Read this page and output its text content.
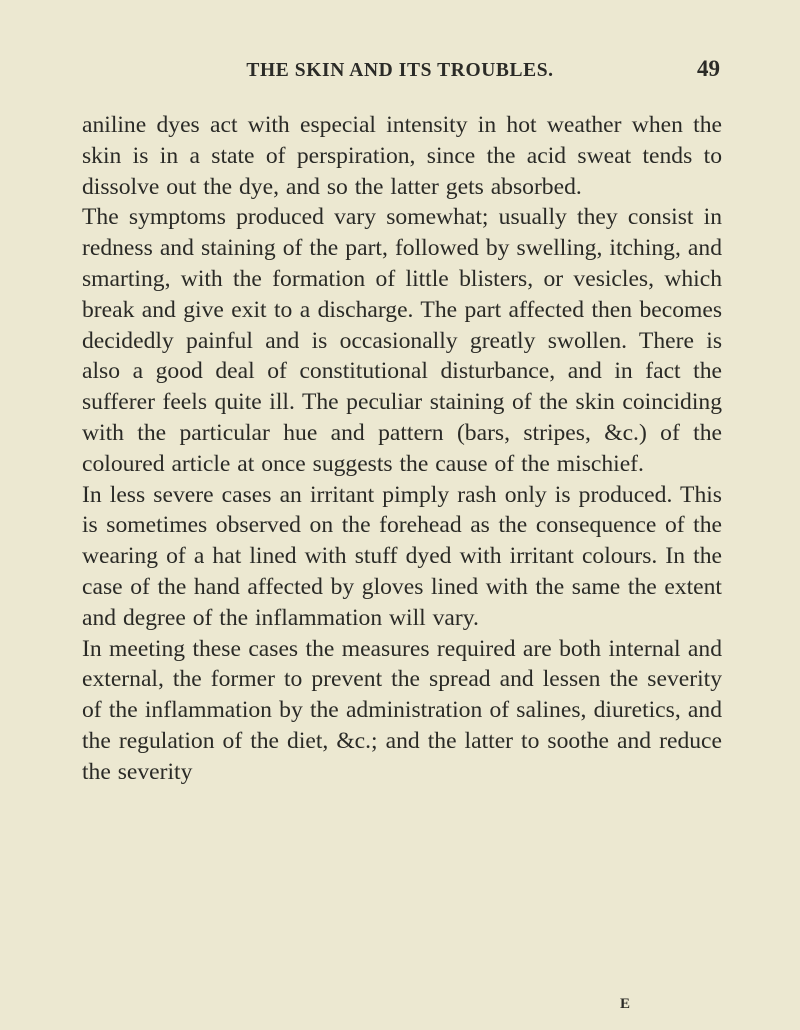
THE SKIN AND ITS TROUBLES.	49

aniline dyes act with especial intensity in hot weather when the skin is in a state of perspiration, since the acid sweat tends to dissolve out the dye, and so the latter gets absorbed.

The symptoms produced vary somewhat; usually they consist in redness and staining of the part, followed by swelling, itching, and smarting, with the formation of little blisters, or vesicles, which break and give exit to a discharge. The part affected then becomes decidedly painful and is occasionally greatly swollen. There is also a good deal of constitutional disturbance, and in fact the sufferer feels quite ill. The peculiar staining of the skin coinciding with the particular hue and pattern (bars, stripes, &c.) of the coloured article at once suggests the cause of the mischief.

In less severe cases an irritant pimply rash only is produced. This is sometimes observed on the forehead as the consequence of the wearing of a hat lined with stuff dyed with irritant colours. In the case of the hand affected by gloves lined with the same the extent and degree of the inflammation will vary.

In meeting these cases the measures required are both internal and external, the former to prevent the spread and lessen the severity of the inflammation by the administration of salines, diuretics, and the regulation of the diet, &c.; and the latter to soothe and reduce the severity

E
